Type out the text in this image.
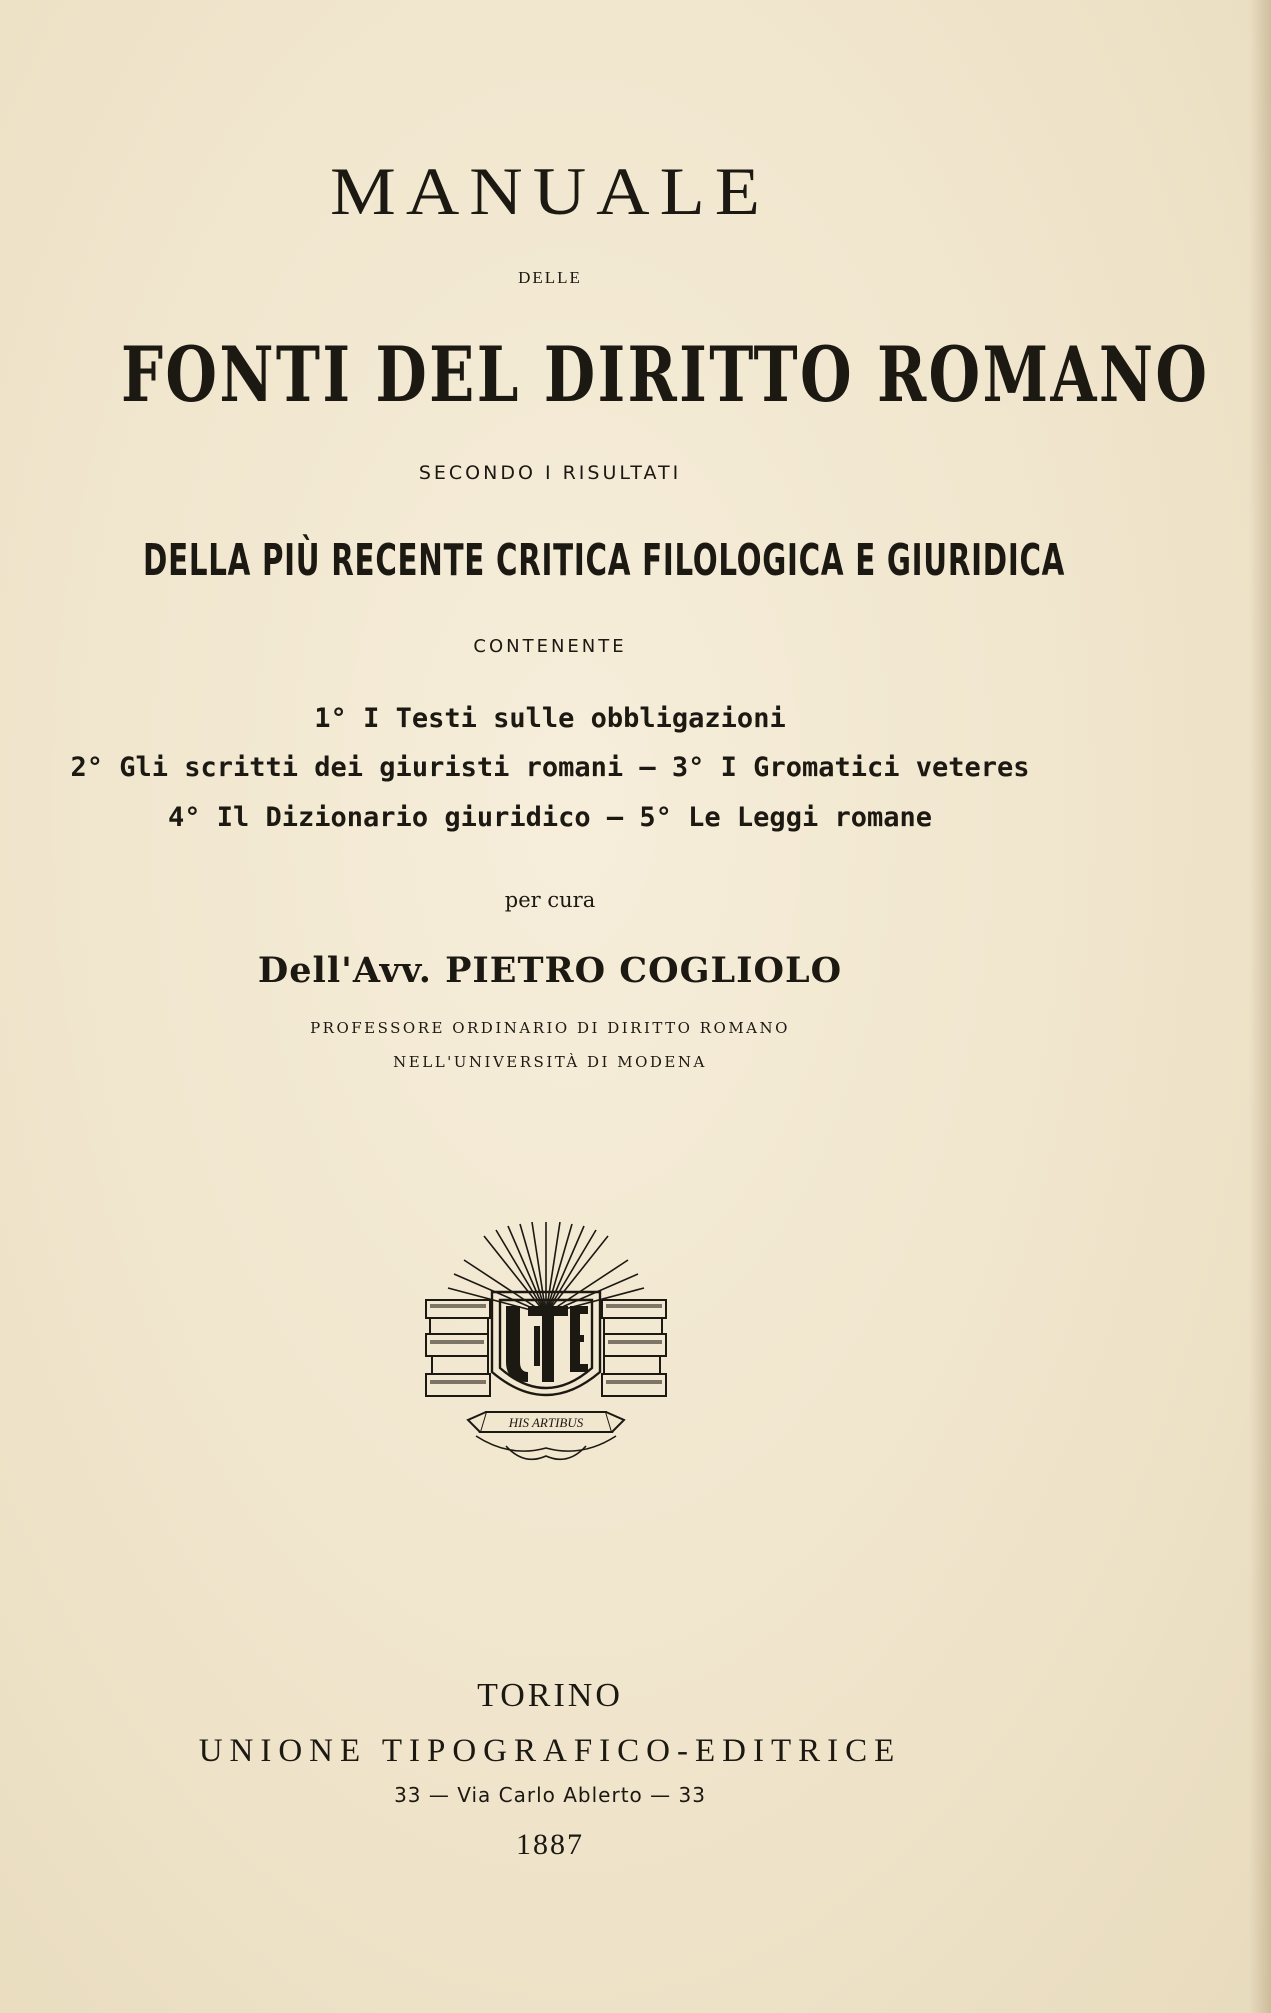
MANUALE
DELLE
FONTI DEL DIRITTO ROMANO
SECONDO I RISULTATI
DELLA PIÙ RECENTE CRITICA FILOLOGICA E GIURIDICA
CONTENENTE
1° I Testi sulle obbligazioni
2° Gli scritti dei giuristi romani — 3° I Gromatici veteres
4° Il Dizionario giuridico — 5° Le Leggi romane
per cura
Dell'Avv. PIETRO COGLIOLO
PROFESSORE ORDINARIO DI DIRITTO ROMANO
NELL'UNIVERSITÀ DI MODENA
HIS ARTIBUS
TORINO
UNIONE TIPOGRAFICO-EDITRICE
33 — Via Carlo Ablerto — 33
1887
